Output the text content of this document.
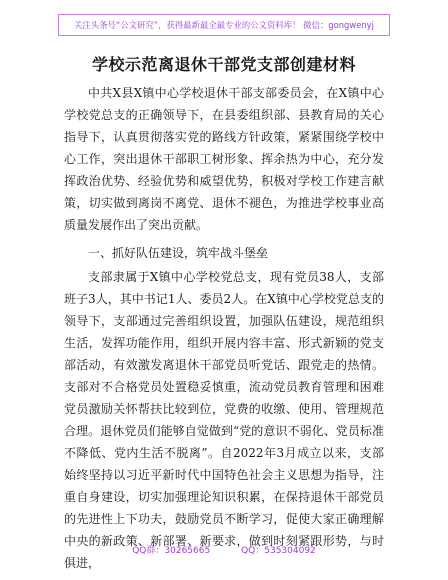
关注头条号“公文研究”，获得最新最全最专业的公文资料库！ 微信：gongwenyj
学校示范离退休干部党支部创建材料

中共X县X镇中心学校退休干部支部委员会，在X镇中心学校党总支的正确领导下，在县委组织部、县教育局的关心指导下，认真贯彻落实党的路线方针政策，紧紧围绕学校中心工作，突出退休干部职工树形象、挥余热为中心，充分发挥政治优势、经验优势和威望优势，积极对学校工作建言献策，切实做到离岗不离党、退休不褪色，为推进学校事业高质量发展作出了突出贡献。

一、抓好队伍建设，筑牢战斗堡垒

支部隶属于X镇中心学校党总支，现有党员38人，支部班子3人，其中书记1人、委员2人。在X镇中心学校党总支的领导下，支部通过完善组织设置，加强队伍建设，规范组织生活，发挥功能作用，组织开展内容丰富、形式新颖的党支部活动，有效激发离退休干部党员听党话、跟党走的热情。支部对不合格党员处置稳妥慎重，流动党员教育管理和困难党员激励关怀帮扶比较到位，党费的收缴、使用、管理规范合理。退休党员们能够自觉做到“党的意识不弱化、党员标准不降低、党内生活不脱离”。自2022年3月成立以来，支部始终坚持以习近平新时代中国特色社会主义思想为指导，注重自身建设，切实加强理论知识积累，在保持退休干部党员的先进性上下功夫，鼓励党员不断学习，促使大家正确理解中央的新政策、新部署、新要求，做到时刻紧跟形势，与时俱进，

QQ群：30265665	QQ：535304092
